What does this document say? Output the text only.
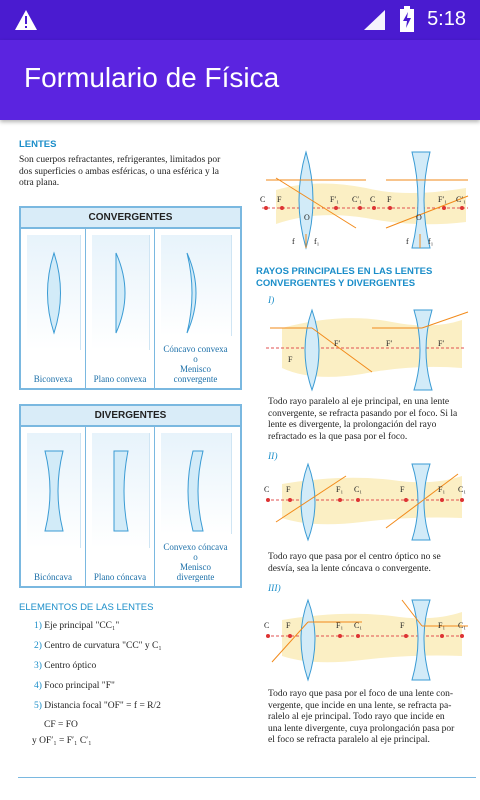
5:18
Formulario de Física
LENTES
Son cuerpos refractantes, refrigerantes, limitados por
dos superficies o ambas esféricas, o una esférica y la
otra plana.
CONVERGENTES
Biconvexa	Plano convexa
Cóncavo convexa
o
Menisco
convergente
DIVERGENTES
Bicóncava	Plano cóncava
Convexo cóncava
o
Menisco
divergente
ELEMENTOS DE LAS LENTES
1) Eje principal "CC₁"
2) Centro de curvatura "CC" y C₁
3) Centro óptico
4) Foco principal "F"
5) Distancia focal "OF" = f = R/2
CF = FO
y OF′₁ = F′₁ C′₁
C F
O
F′₁ C′₁ C F
O
F′₁ C′₁
f f₁	f f₁
RAYOS PRINCIPALES EN LAS LENTES
CONVERGENTES Y DIVERGENTES
I)
F
F′	F′	F′
Todo rayo paralelo al eje principal, en una lente
convergente, se refracta pasando por el foco. Si la
lente es divergente, la prolongación del rayo
refractado es la que pasa por el foco.
II)
C F	F₁ C₁	F	F₁ C₁
Todo rayo que pasa por el centro óptico no se
desvía, sea la lente cóncava o convergente.
III)
C F	F₁ C₁	F	F₁ C₁
Todo rayo que pasa por el foco de una lente con-
vergente, que incide en una lente, se refracta pa-
ralelo al eje principal. Todo rayo que incide en
una lente divergente, cuya prolongación pasa por
el foco se refracta paralelo al eje principal.
